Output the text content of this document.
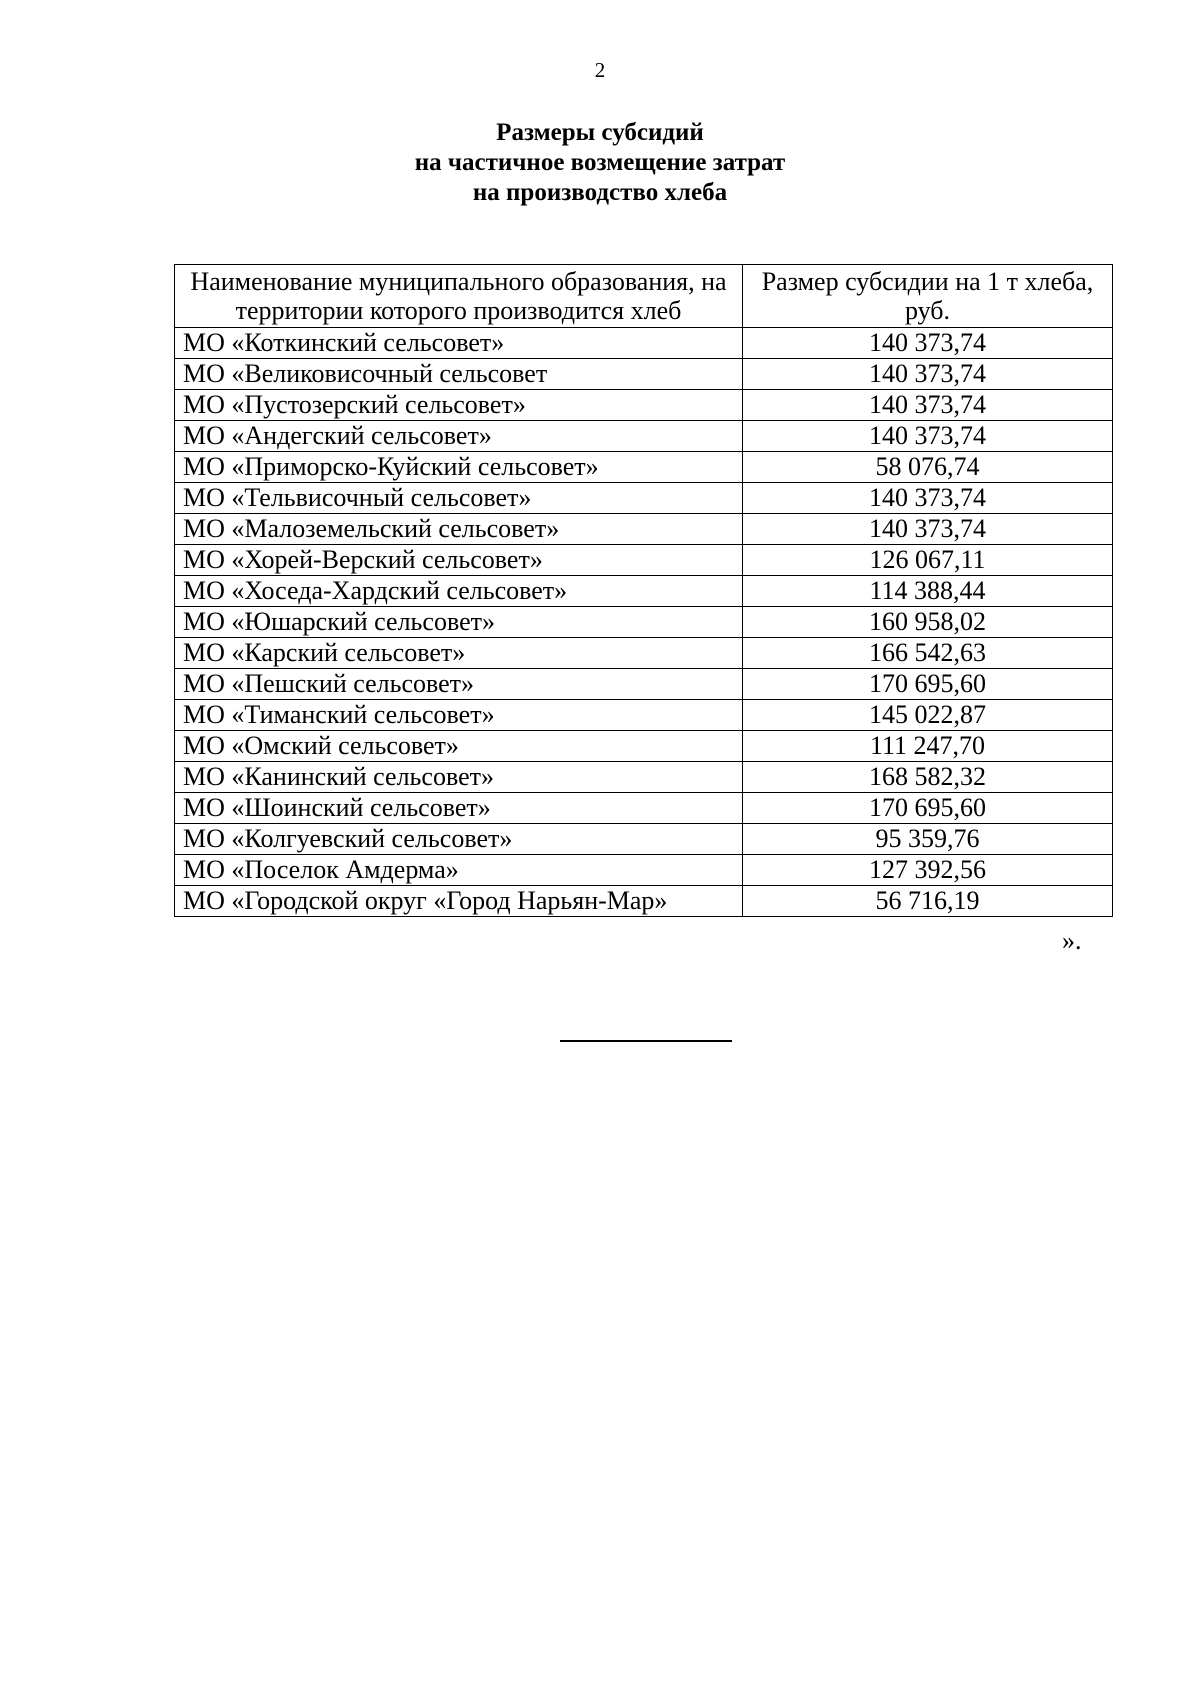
2
Размеры субсидий
на частичное возмещение затрат
на производство хлеба
Наименование муниципального образования, на территории которого производится хлеб	Размер субсидии на 1 т хлеба, руб.
МО «Коткинский сельсовет»	140 373,74
МО «Великовисочный сельсовет	140 373,74
МО «Пустозерский сельсовет»	140 373,74
МО «Андегский сельсовет»	140 373,74
МО «Приморско-Куйский сельсовет»	58 076,74
МО «Тельвисочный сельсовет»	140 373,74
МО «Малоземельский сельсовет»	140 373,74
МО «Хорей-Верский сельсовет»	126 067,11
МО «Хоседа-Хардский сельсовет»	114 388,44
МО «Юшарский сельсовет»	160 958,02
МО «Карский сельсовет»	166 542,63
МО «Пешский сельсовет»	170 695,60
МО «Тиманский сельсовет»	145 022,87
МО «Омский сельсовет»	111 247,70
МО «Канинский сельсовет»	168 582,32
МО «Шоинский сельсовет»	170 695,60
МО «Колгуевский сельсовет»	95 359,76
МО «Поселок Амдерма»	127 392,56
МО «Городской округ «Город Нарьян-Мар»	56 716,19
».
